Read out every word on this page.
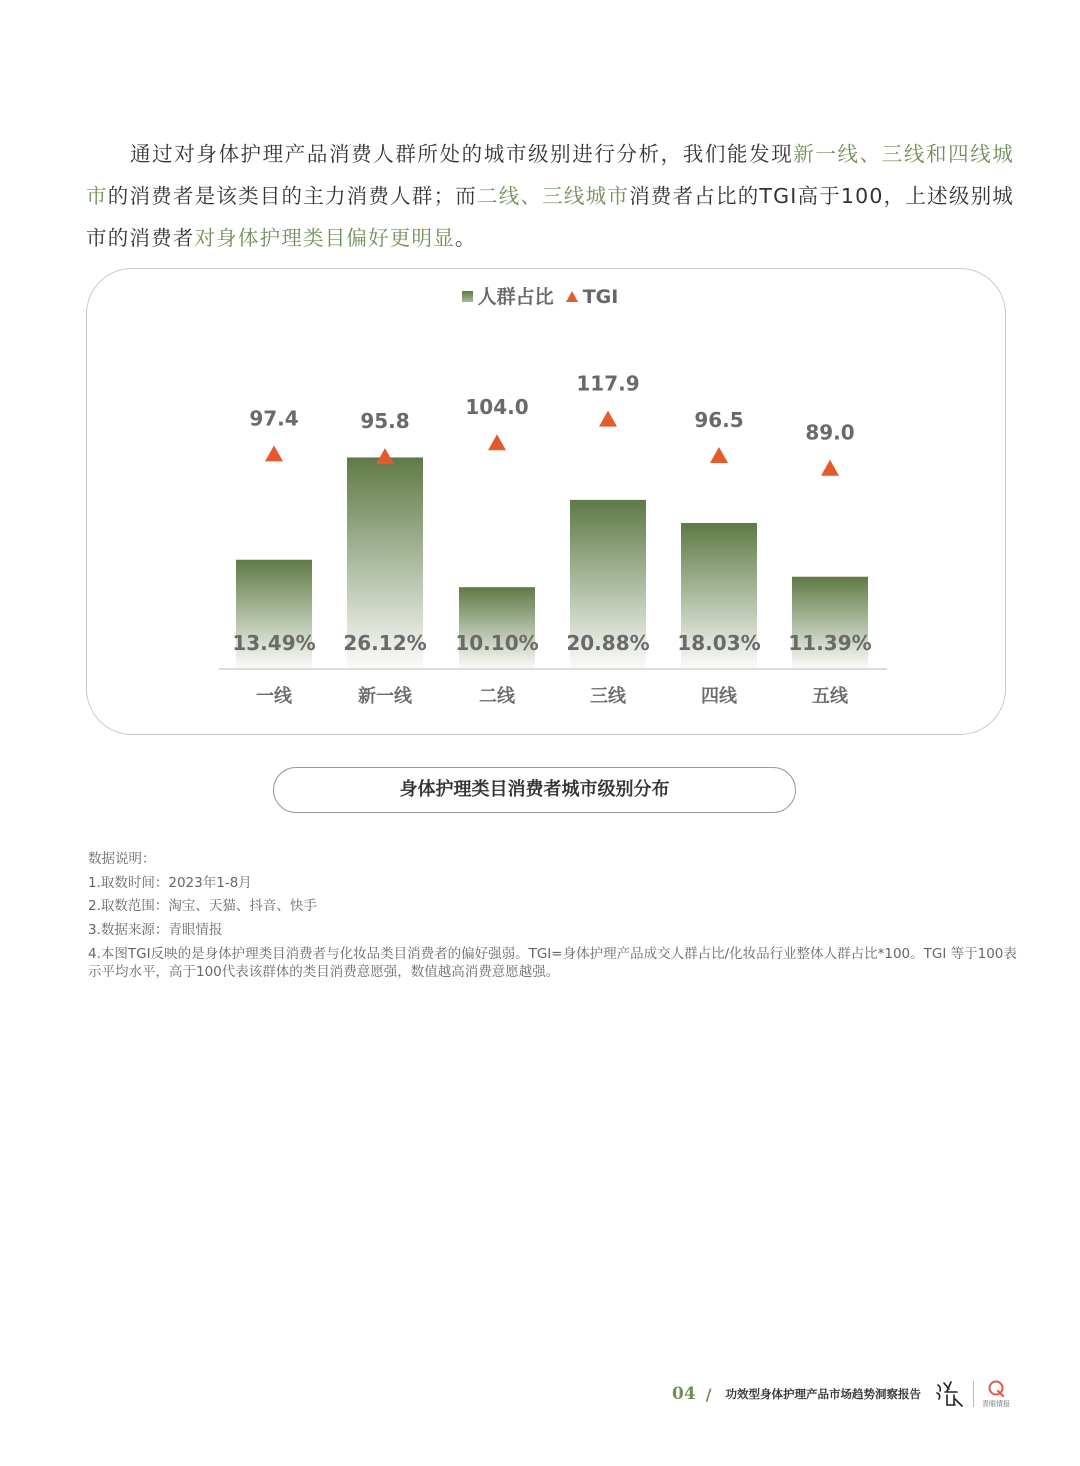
通过对身体护理产品消费人群所处的城市级别进行分析，我们能发现新一线、三线和四线城市的消费者是该类目的主力消费人群；而二线、三线城市消费者占比的TGI高于100，上述级别城市的消费者对身体护理类目偏好更明显。

人群占比 TGI
13.49%
一线
97.4
26.12%
新一线
95.8
10.10%
二线
104.0
20.88%
三线
117.9
18.03%
四线
96.5
11.39%
五线
89.0
身体护理类目消费者城市级别分布
数据说明：
1.取数时间：2023年1-8月
2.取数范围：淘宝、天猫、抖音、快手
3.数据来源：青眼情报
4.本图TGI反映的是身体护理类目消费者与化妆品类目消费者的偏好强弱。TGI=身体护理产品成交人群占比/化妆品行业整体人群占比*100。TGI 等于100表示平均水平，高于100代表该群体的类目消费意愿强，数值越高消费意愿越强。
04 / 功效型身体护理产品市场趋势洞察报告
青眼情报
